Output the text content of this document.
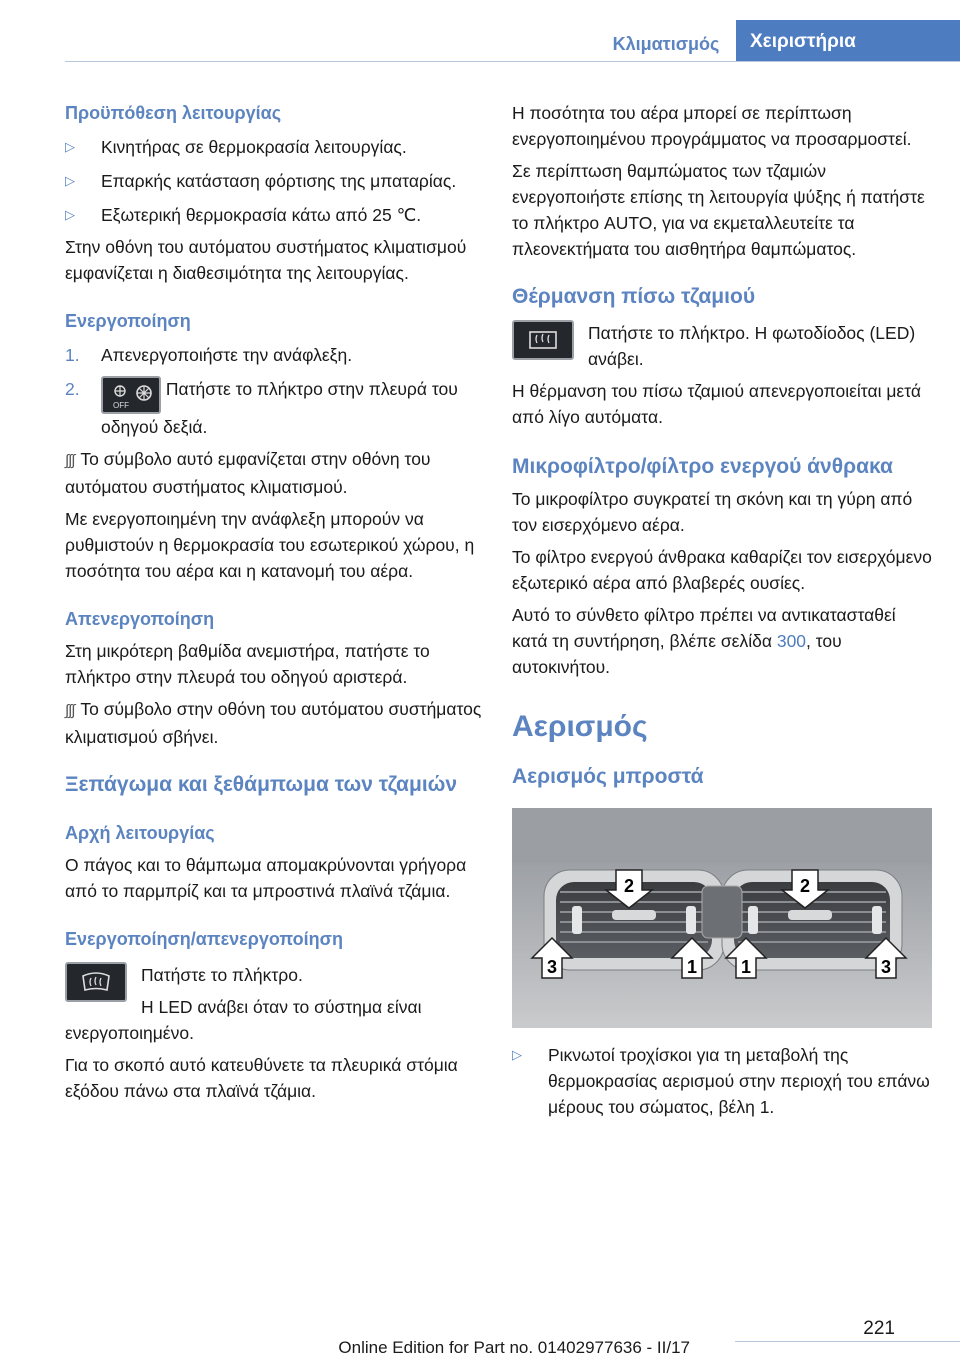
Κλιματισμός	Χειριστήρια
Προϋπόθεση λειτουργίας
▷	Κινητήρας σε θερμοκρασία λειτουργίας.
▷	Επαρκής κατάσταση φόρτισης της μπαταρίας.
▷	Εξωτερική θερμοκρασία κάτω από 25 ℃.

Στην οθόνη του αυτόματου συστήματος κλιματισμού εμφανίζεται η διαθεσιμότητα της λειτουργίας.

Ενεργοποίηση
1.	Απενεργοποιήστε την ανάφλεξη.
2.
OFF
Πατήστε το πλήκτρο στην πλευρά του οδηγού δεξιά.

∫∫∫ Το σύμβολο αυτό εμφανίζεται στην οθόνη του αυτόματου συστήματος κλιματισμού.

Με ενεργοποιημένη την ανάφλεξη μπορούν να ρυθμιστούν η θερμοκρασία του εσωτερικού χώρου, η ποσότητα του αέρα και η κατανομή του αέρα.

Απενεργοποίηση

Στη μικρότερη βαθμίδα ανεμιστήρα, πατήστε το πλήκτρο στην πλευρά του οδηγού αριστερά.

∫∫∫ Το σύμβολο στην οθόνη του αυτόματου συστήματος κλιματισμού σβήνει.

Ξεπάγωμα και ξεθάμπωμα των τζαμιών
Αρχή λειτουργίας

Ο πάγος και το θάμπωμα απομακρύνονται γρήγορα από το παρμπρίζ και τα μπροστινά πλαϊνά τζάμια.

Ενεργοποίηση/απενεργοποίηση

Πατήστε το πλήκτρο.

Η LED ανάβει όταν το σύστημα είναι ενεργοποιημένο.

Για το σκοπό αυτό κατευθύνετε τα πλευρικά στόμια εξόδου πάνω στα πλαϊνά τζάμια.

Η ποσότητα του αέρα μπορεί σε περίπτωση ενεργοποιημένου προγράμματος να προσαρμοστεί.

Σε περίπτωση θαμπώματος των τζαμιών ενεργοποιήστε επίσης τη λειτουργία ψύξης ή πατήστε το πλήκτρο AUTO, για να εκμεταλλευτείτε τα πλεονεκτήματα του αισθητήρα θαμπώματος.

Θέρμανση πίσω τζαμιού

Πατήστε το πλήκτρο. Η φωτοδίοδος (LED) ανάβει.

Η θέρμανση του πίσω τζαμιού απενεργοποιείται μετά από λίγο αυτόματα.

Μικροφίλτρο/φίλτρο ενεργού άνθρακα

Το μικροφίλτρο συγκρατεί τη σκόνη και τη γύρη από τον εισερχόμενο αέρα.

Το φίλτρο ενεργού άνθρακα καθαρίζει τον εισερχόμενο εξωτερικό αέρα από βλαβερές ουσίες.

Αυτό το σύνθετο φίλτρο πρέπει να αντικατασταθεί κατά τη συντήρηση, βλέπε σελίδα 300, του αυτοκινήτου.

Αερισμός
Αερισμός μπροστά
2	2
3	1 1	3
▷	Ρικνωτοί τροχίσκοι για τη μεταβολή της θερμοκρασίας αερισμού στην περιοχή του επάνω μέρους του σώματος, βέλη 1.
221
Online Edition for Part no. 01402977636 - II/17
